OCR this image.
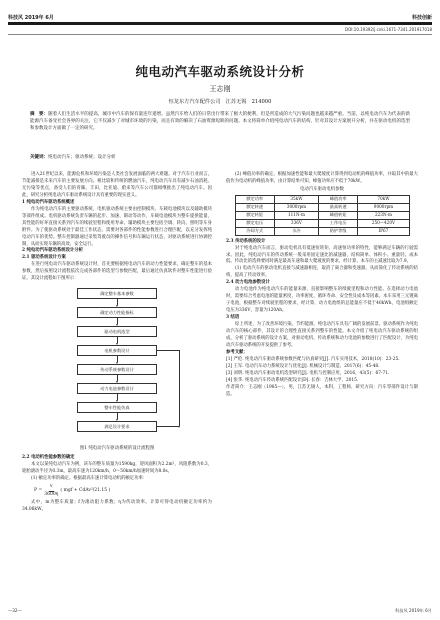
科技风 2019年 6月	科技创新
DOI:10.19392/j.cnki.1671-7341.201917018
纯电动汽车驱动系统设计分析
王志刚
恒龙东方汽车配件公司　江苏无锡　214000
摘　要：随着人们生活水平的提高，城市中汽车的保有量连年递增。虽然汽车给人们的日常出行带来了极大的便利，但是所造成的大气污染问题也越来越严重。当前，以纯电动汽车为代表的新能源汽车备受社会各界的关注，它不仅减少了对城市环境的污染，而且有效的解决了石油资源短缺的问题。本文将简单介绍纯电动汽车的结构，针对其设计方案展开分析，并在驱动电机的选型和参数设计方面做了一定的研究。
关键词：纯电动汽车；驱动系统；设计分析

进入21世纪以来，能源危机和环境污染是人类社会发展面临的两大难题。对于汽车行业而言，节能减排是未来汽车的主要发展方向。相比较和传统的燃油汽车，纯电动汽车具有减少石油消耗、无污染等优点，备受人们的青睐。丰田、比亚迪、蔚来等汽车公司都相继推出了纯电动汽车。因此，研究分析纯电动汽车驱动系统设计具有重要的现实意义。

1 纯电动汽车驱动系统概述

作为纯电动汽车的主要驱动系统，电机驱动系统主要由控制模块、车载电池模块以及辅助模块等部件组成。电机驱动系统负责车辆的起步、加速、制动等动作，车载电池模块为整车提供能量，其性能的好坏直接关系到汽车的续驶里程和使用寿命。辅助模块主要包括空调、转向、照明等车身附件。为了使驱动系统处于最佳工作状态，需要对各部件的性能参数进行合理匹配，以充分发挥纯电动汽车的优势。整车控制器通过采集驾驶员的操作信号和车辆运行状态，对驱动系统进行协调控制，从而实现车辆的高效、安全运行。

2 纯电动汽车驱动系统设计分析

2.1 驱动系统设计方案

在进行纯电动汽车驱动系统设计时，首先要根据纯电动汽车的动力性能要求，确定整车的基本参数，然后按照设计流程依次完成各部件的选型与参数匹配，最后通过仿真软件对整车性能进行验证。其设计流程如下图所示：

确定整车基本参数
确定动力性能指标
驱动电机选型
电机参数设计
传动系统参数设计
动力电池参数设计
整车性能仿真
满足设计要求
图1 纯电动汽车驱动系统的设计流程图

2.2 电动机性能参数的确定

本文以某纯电动汽车为例，该车的整车质量为1590kg，迎风面积为2.2m²，风阻系数为0.3，轮胎滚动半径为0.3m，最高车速为120km/h，0～50km/h加速时间为8.0s。

(1) 额定功率的确定。根据最高车速计算电动机的额定功率：

$P = \frac{v}{3600\eta}$ ( mgf + CdAv²/21.15 )

式中，m为整车质量；f为滚动阻力系数；η为传动效率。计算可得电动机额定功率约为34.06kW。

(2) 峰值功率的确定。根据加速性能和最大爬坡度计算得到电动机的峰值功率，并取其中的最大值作为电动机的峰值功率，由计算结果可知，峰值功率应不低于70kW。

电动汽车驱动电机参数
额定功率	35kW	峰值功率	70kW
额定转速	3000rpm	最高转速	9000rpm
额定转矩	111N·m	峰值转矩	223N·m
额定电压	336V	工作电压	250～420V
冷却方式	水冷	防护等级	IP67

2.3 传动系统的设计

对于纯电动汽车而言，驱动电机具有低速恒转矩、高速恒功率的特性，能够满足车辆的行驶需求。因此，纯电动汽车的传动系统一般采用固定速比的减速器，结构简单、体积小、重量轻、成本低。传动比的选择要同时满足最高车速和最大爬坡度的要求，经计算，本车的主减速比取为7.9。

(1) 电动汽车的驱动电机直接与减速器相连，取消了离合器和变速器，从而简化了传动系统的结构，提高了传动效率。

2.4 动力电池参数设计

动力电池作为纯电动汽车的能量来源，直接影响整车的续驶里程和动力性能。在选择动力电池时，需要综合考虑电池的能量密度、功率密度、循环寿命、安全性及成本等因素。本车采用三元锂离子电池，根据整车对续驶里程的要求，经计算，动力电池组的总能量应不低于40kWh，电池组额定电压为336V，容量为120Ah。

3 结语

综上所述，为了改善环境污染、节约能源，纯电动汽车具有广阔的发展前景。驱动系统作为纯电动汽车的核心部件，其设计的合理性直接关系到整车的性能。本文介绍了纯电动汽车驱动系统的组成，分析了驱动系统的设计方案，对驱动电机、传动系统和动力电池的参数进行了匹配设计，为纯电动汽车驱动系统的开发提供了参考。

参考文献：

[1] 严伦. 纯电动汽车驱动系统参数匹配与仿真研究[J]. 汽车实用技术，2018(10)：23-25.

[2] 王军. 电动汽车动力系统设计与优化[J]. 机械设计与制造，2017(6)：45-48.

[3] 刘明. 纯电动汽车驱动电机选型研究[J]. 电机与控制应用，2016，43(5)：67-71.

[4] 张华. 纯电动汽车传动系统匹配设计[D]. 长春：吉林大学，2015.

作者简介：王志刚（1985—），男，江苏无锡人，本科，工程师，研究方向：汽车零部件设计与制造。

—32—	科技风 2019年 6月
